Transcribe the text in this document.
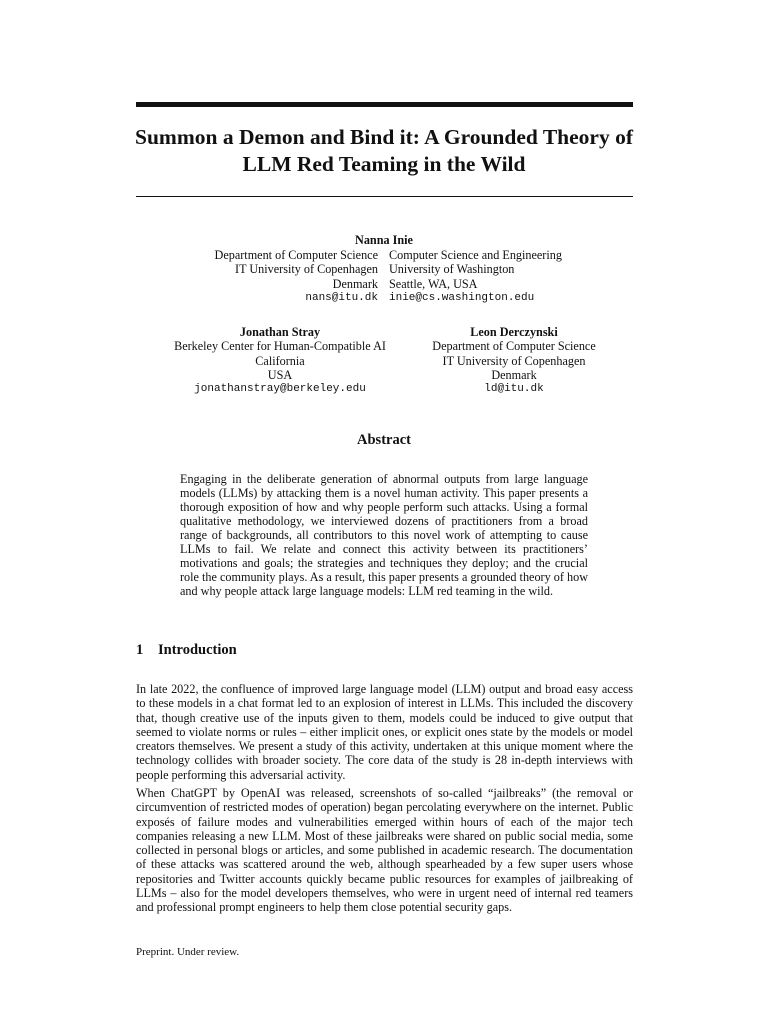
Summon a Demon and Bind it: A Grounded Theory of
LLM Red Teaming in the Wild
Nanna Inie
Department of Computer Science
IT University of Copenhagen
Denmark
nans@itu.dk
Computer Science and Engineering
University of Washington
Seattle, WA, USA
inie@cs.washington.edu
Jonathan Stray
Berkeley Center for Human-Compatible AI
California
USA
jonathanstray@berkeley.edu
Leon Derczynski
Department of Computer Science
IT University of Copenhagen
Denmark
ld@itu.dk
Abstract
Engaging in the deliberate generation of abnormal outputs from large language models (LLMs) by attacking them is a novel human activity. This paper presents a thorough exposition of how and why people perform such attacks. Using a formal qualitative methodology, we interviewed dozens of practitioners from a broad range of backgrounds, all contributors to this novel work of attempting to cause LLMs to fail. We relate and connect this activity between its practitioners’ motivations and goals; the strategies and techniques they deploy; and the crucial role the community plays. As a result, this paper presents a grounded theory of how and why people attack large language models: LLM red teaming in the wild.
1 Introduction
In late 2022, the confluence of improved large language model (LLM) output and broad easy access to these models in a chat format led to an explosion of interest in LLMs. This included the discovery that, though creative use of the inputs given to them, models could be induced to give output that seemed to violate norms or rules – either implicit ones, or explicit ones state by the models or model creators themselves. We present a study of this activity, undertaken at this unique moment where the technology collides with broader society. The core data of the study is 28 in-depth interviews with people performing this adversarial activity.
When ChatGPT by OpenAI was released, screenshots of so-called “jailbreaks” (the removal or circumvention of restricted modes of operation) began percolating everywhere on the internet. Public exposés of failure modes and vulnerabilities emerged within hours of each of the major tech companies releasing a new LLM. Most of these jailbreaks were shared on public social media, some collected in personal blogs or articles, and some published in academic research. The documentation of these attacks was scattered around the web, although spearheaded by a few super users whose repositories and Twitter accounts quickly became public resources for examples of jailbreaking of LLMs – also for the model developers themselves, who were in urgent need of internal red teamers and professional prompt engineers to help them close potential security gaps.
Preprint. Under review.
